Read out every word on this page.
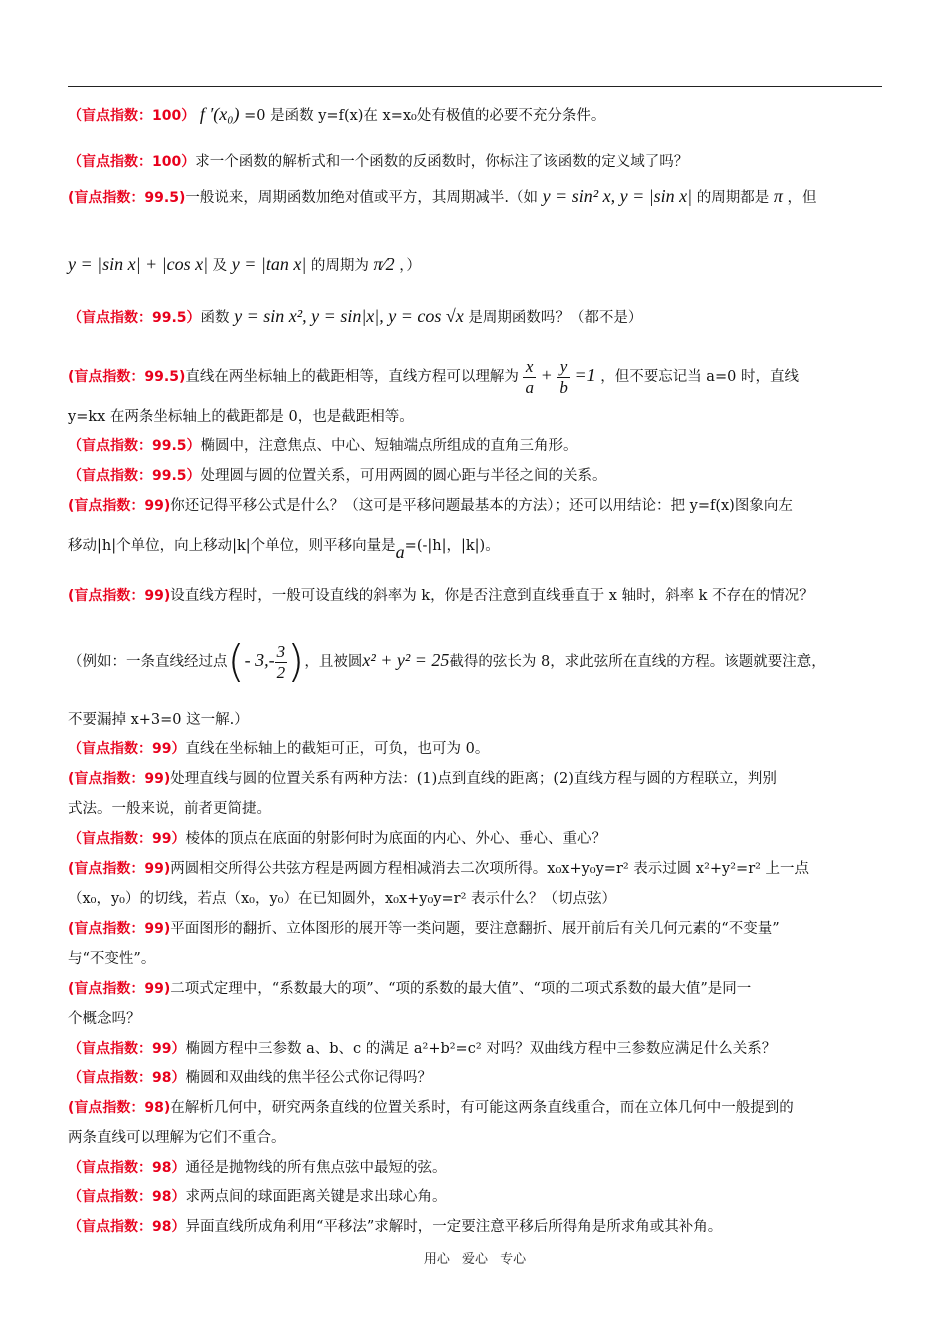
（盲点指数：100） f ′(x₀) =0 是函数 y=f(x)在 x=x₀处有极值的必要不充分条件。
（盲点指数：100）求一个函数的解析式和一个函数的反函数时，你标注了该函数的定义域了吗？
(盲点指数：99.5)一般说来，周期函数加绝对值或平方，其周期减半.（如 y = sin² x, y = |sin x| 的周期都是 π ，但
y = |sin x| + |cos x| 及 y = |tan x| 的周期为 π⁄2 ，）
（盲点指数：99.5）函数 y = sin x², y = sin|x|, y = cos √x 是周期函数吗？（都不是）
(盲点指数：99.5)直线在两坐标轴上的截距相等，直线方程可以理解为 $\frac{x}{a} + \frac{y}{b} =1$ ，但不要忘记当 a=0 时，直线
y=kx 在两条坐标轴上的截距都是 0，也是截距相等。
（盲点指数：99.5）椭圆中，注意焦点、中心、短轴端点所组成的直角三角形。
（盲点指数：99.5）处理圆与圆的位置关系，可用两圆的圆心距与半径之间的关系。
(盲点指数：99)你还记得平移公式是什么？（这可是平移问题最基本的方法）；还可以用结论：把 y=f(x)图象向左
移动|h|个单位，向上移动|k|个单位，则平移向量是a=(-|h|，|k|)。
(盲点指数：99)设直线方程时，一般可设直线的斜率为 k，你是否注意到直线垂直于 x 轴时，斜率 k 不存在的情况？
（例如：一条直线经过点(- $3,- \frac{3}{2}$ )，且被圆x² + y² = 25截得的弦长为 8，求此弦所在直线的方程。该题就要注意，
不要漏掉 x+3=0 这一解.）
（盲点指数：99）直线在坐标轴上的截矩可正，可负，也可为 0。
(盲点指数：99)处理直线与圆的位置关系有两种方法：(1)点到直线的距离；(2)直线方程与圆的方程联立，判别
式法。一般来说，前者更简捷。
（盲点指数：99）棱体的顶点在底面的射影何时为底面的内心、外心、垂心、重心？
(盲点指数：99)两圆相交所得公共弦方程是两圆方程相减消去二次项所得。x₀x+y₀y=r² 表示过圆 x²+y²=r² 上一点
（x₀，y₀）的切线，若点（x₀，y₀）在已知圆外，x₀x+y₀y=r² 表示什么？（切点弦）
(盲点指数：99)平面图形的翻折、立体图形的展开等一类问题，要注意翻折、展开前后有关几何元素的“不变量”
与“不变性”。
(盲点指数：99)二项式定理中，“系数最大的项”、“项的系数的最大值”、“项的二项式系数的最大值”是同一
个概念吗？
（盲点指数：99）椭圆方程中三参数 a、b、c 的满足 a²+b²=c² 对吗？双曲线方程中三参数应满足什么关系？
（盲点指数：98）椭圆和双曲线的焦半径公式你记得吗？
(盲点指数：98)在解析几何中，研究两条直线的位置关系时，有可能这两条直线重合，而在立体几何中一般提到的
两条直线可以理解为它们不重合。
（盲点指数：98）通径是抛物线的所有焦点弦中最短的弦。
（盲点指数：98）求两点间的球面距离关键是求出球心角。
（盲点指数：98）异面直线所成角利用“平移法”求解时，一定要注意平移后所得角是所求角或其补角。
用心 爱心 专心
